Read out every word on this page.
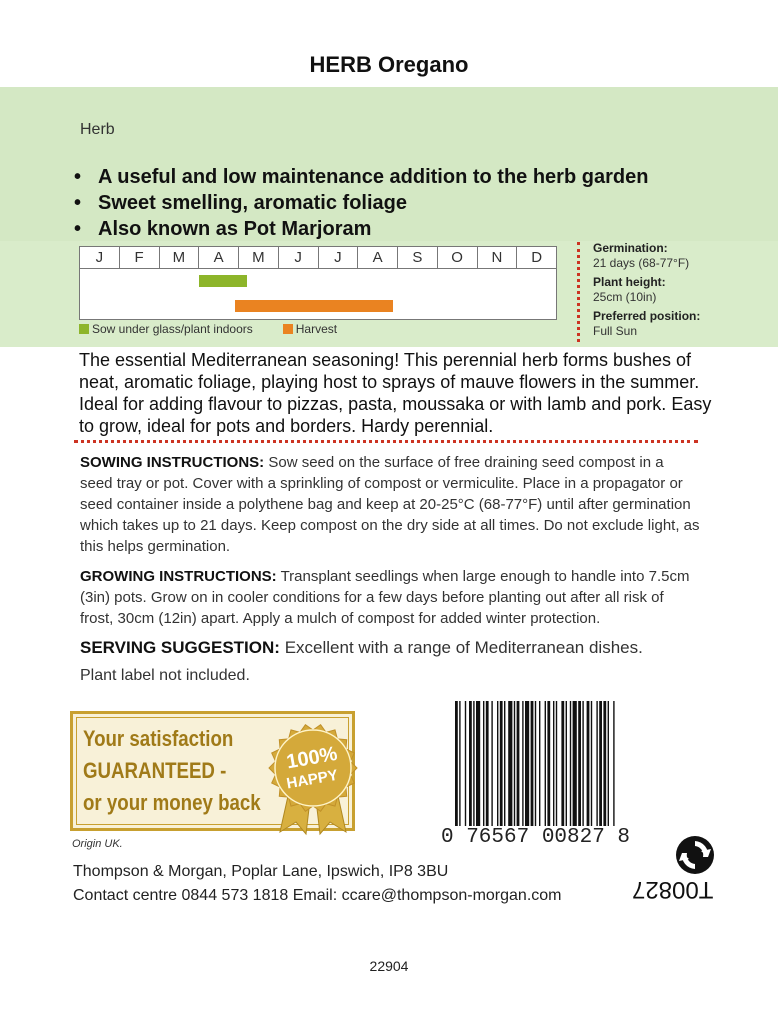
HERB Oregano
Herb
• A useful and low maintenance addition to the herb garden
• Sweet smelling, aromatic foliage
• Also known as Pot Marjoram
J	F	M	A	M	J	J	A	S	O	N	D
Sow under glass/plant indoors	Harvest
Germination:
21 days (68-77°F)
Plant height:
25cm (10in)
Preferred position:
Full Sun
The essential Mediterranean seasoning! This perennial herb forms bushes of neat, aromatic foliage, playing host to sprays of mauve flowers in the summer. Ideal for adding flavour to pizzas, pasta, moussaka or with lamb and pork. Easy to grow, ideal for pots and borders. Hardy perennial.
SOWING INSTRUCTIONS: Sow seed on the surface of free draining seed compost in a seed tray or pot. Cover with a sprinkling of compost or vermiculite. Place in a propagator or seed container inside a polythene bag and keep at 20-25°C (68-77°F) until after germination which takes up to 21 days. Keep compost on the dry side at all times. Do not exclude light, as this helps germination.
GROWING INSTRUCTIONS: Transplant seedlings when large enough to handle into 7.5cm (3in) pots. Grow on in cooler conditions for a few days before planting out after all risk of frost, 30cm (12in) apart. Apply a mulch of compost for added winter protection.
SERVING SUGGESTION: Excellent with a range of Mediterranean dishes.
Plant label not included.
Your satisfaction
GUARANTEED -
or your money back
100%
HAPPY
Origin UK.
Thompson & Morgan, Poplar Lane, Ipswich, IP8 3BU
Contact centre 0844 573 1818 Email: ccare@thompson-morgan.com
0 76567 00827 8
T00827
22904
